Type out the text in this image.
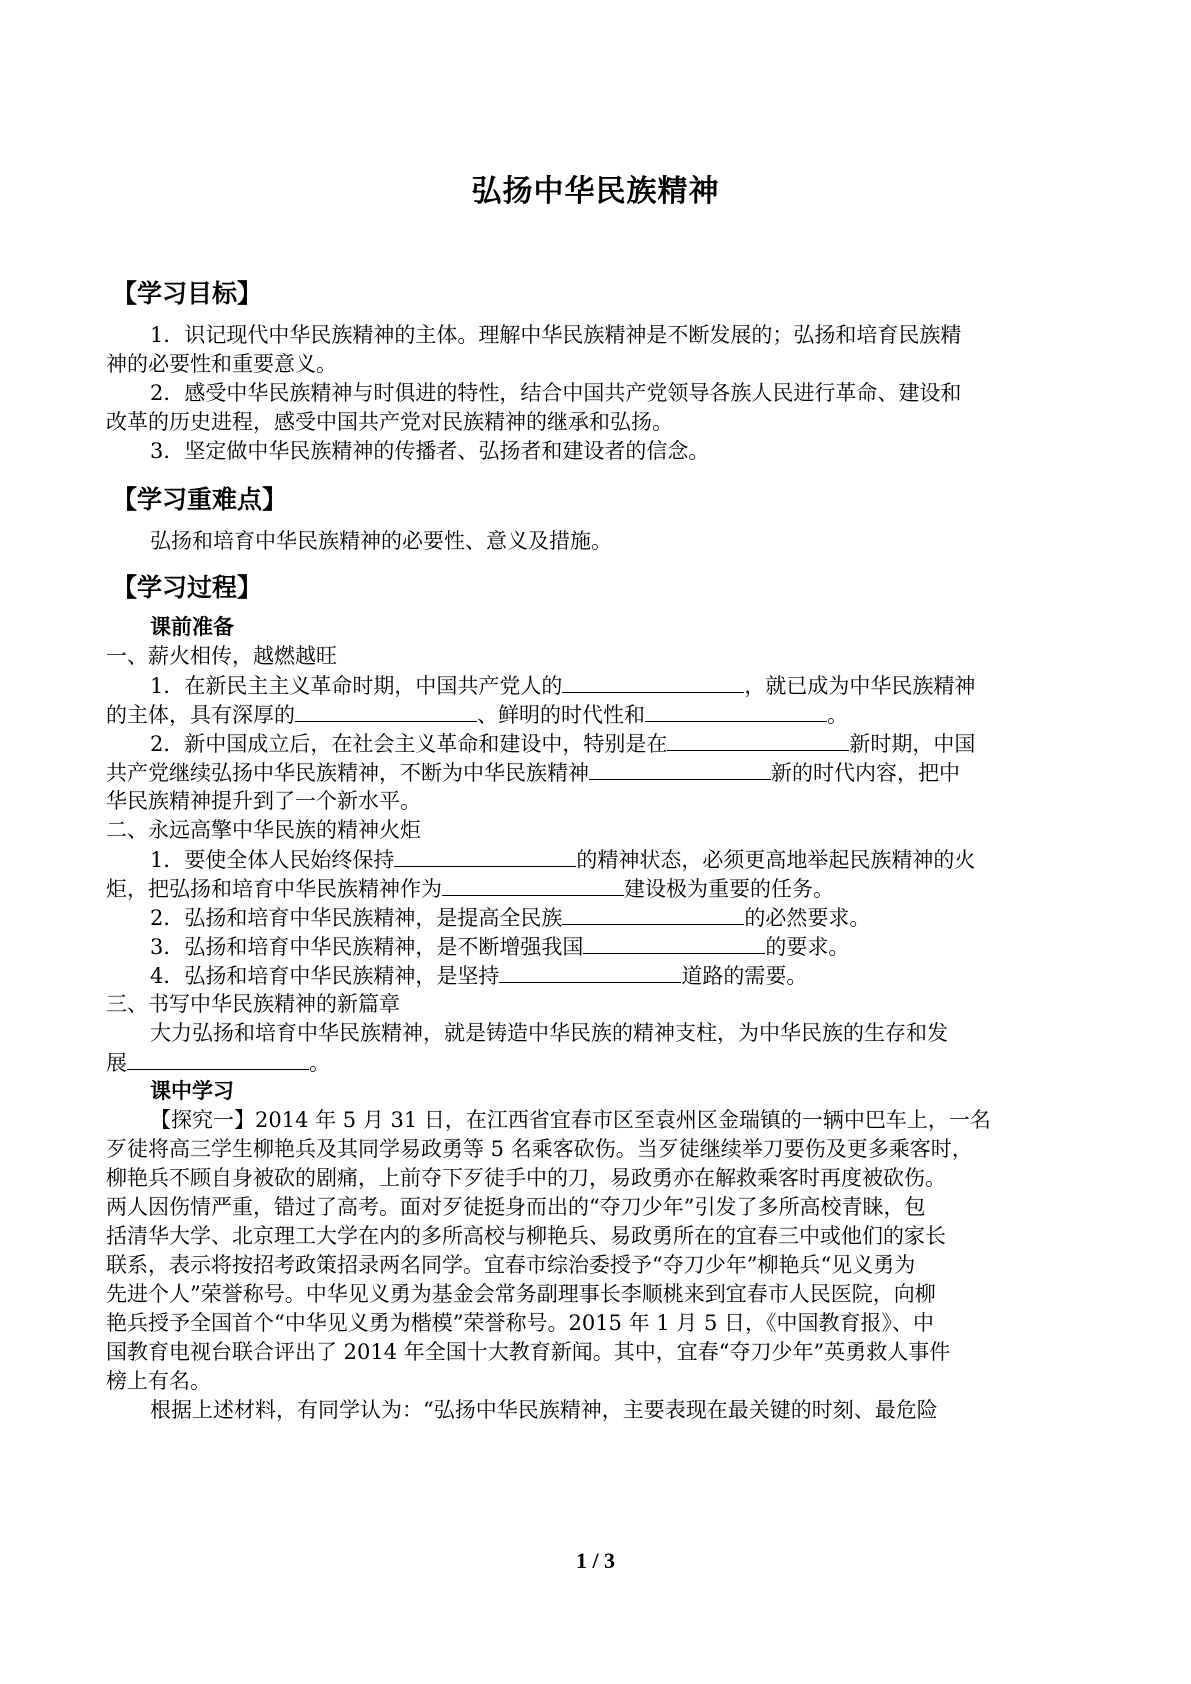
弘扬中华民族精神
【学习目标】
1．识记现代中华民族精神的主体。理解中华民族精神是不断发展的；弘扬和培育民族精
神的必要性和重要意义。
2．感受中华民族精神与时俱进的特性，结合中国共产党领导各族人民进行革命、建设和
改革的历史进程，感受中国共产党对民族精神的继承和弘扬。
3．坚定做中华民族精神的传播者、弘扬者和建设者的信念。
【学习重难点】
弘扬和培育中华民族精神的必要性、意义及措施。
【学习过程】
课前准备
一、薪火相传，越燃越旺
1．在新民主主义革命时期，中国共产党人的	，就已成为中华民族精神
的主体，具有深厚的	、鲜明的时代性和	。
2．新中国成立后，在社会主义革命和建设中，特别是在	新时期，中国
共产党继续弘扬中华民族精神，不断为中华民族精神	新的时代内容，把中
华民族精神提升到了一个新水平。
二、永远高擎中华民族的精神火炬
1．要使全体人民始终保持	的精神状态，必须更高地举起民族精神的火
炬，把弘扬和培育中华民族精神作为	建设极为重要的任务。
2．弘扬和培育中华民族精神，是提高全民族	的必然要求。
3．弘扬和培育中华民族精神，是不断增强我国	的要求。
4．弘扬和培育中华民族精神，是坚持	道路的需要。
三、书写中华民族精神的新篇章
大力弘扬和培育中华民族精神，就是铸造中华民族的精神支柱，为中华民族的生存和发
展	。
课中学习
【探究一】2014 年 5 月 31 日，在江西省宜春市区至袁州区金瑞镇的一辆中巴车上，一名
歹徒将高三学生柳艳兵及其同学易政勇等 5 名乘客砍伤。当歹徒继续举刀要伤及更多乘客时，
柳艳兵不顾自身被砍的剧痛，上前夺下歹徒手中的刀，易政勇亦在解救乘客时再度被砍伤。
两人因伤情严重，错过了高考。面对歹徒挺身而出的“夺刀少年”引发了多所高校青睐，包
括清华大学、北京理工大学在内的多所高校与柳艳兵、易政勇所在的宜春三中或他们的家长
联系，表示将按招考政策招录两名同学。宜春市综治委授予“夺刀少年”柳艳兵“见义勇为
先进个人”荣誉称号。中华见义勇为基金会常务副理事长李顺桃来到宜春市人民医院，向柳
艳兵授予全国首个“中华见义勇为楷模”荣誉称号。2015 年 1 月 5 日，《中国教育报》、中
国教育电视台联合评出了 2014 年全国十大教育新闻。其中，宜春“夺刀少年”英勇救人事件
榜上有名。
根据上述材料，有同学认为：“弘扬中华民族精神，主要表现在最关键的时刻、最危险
1 / 3
